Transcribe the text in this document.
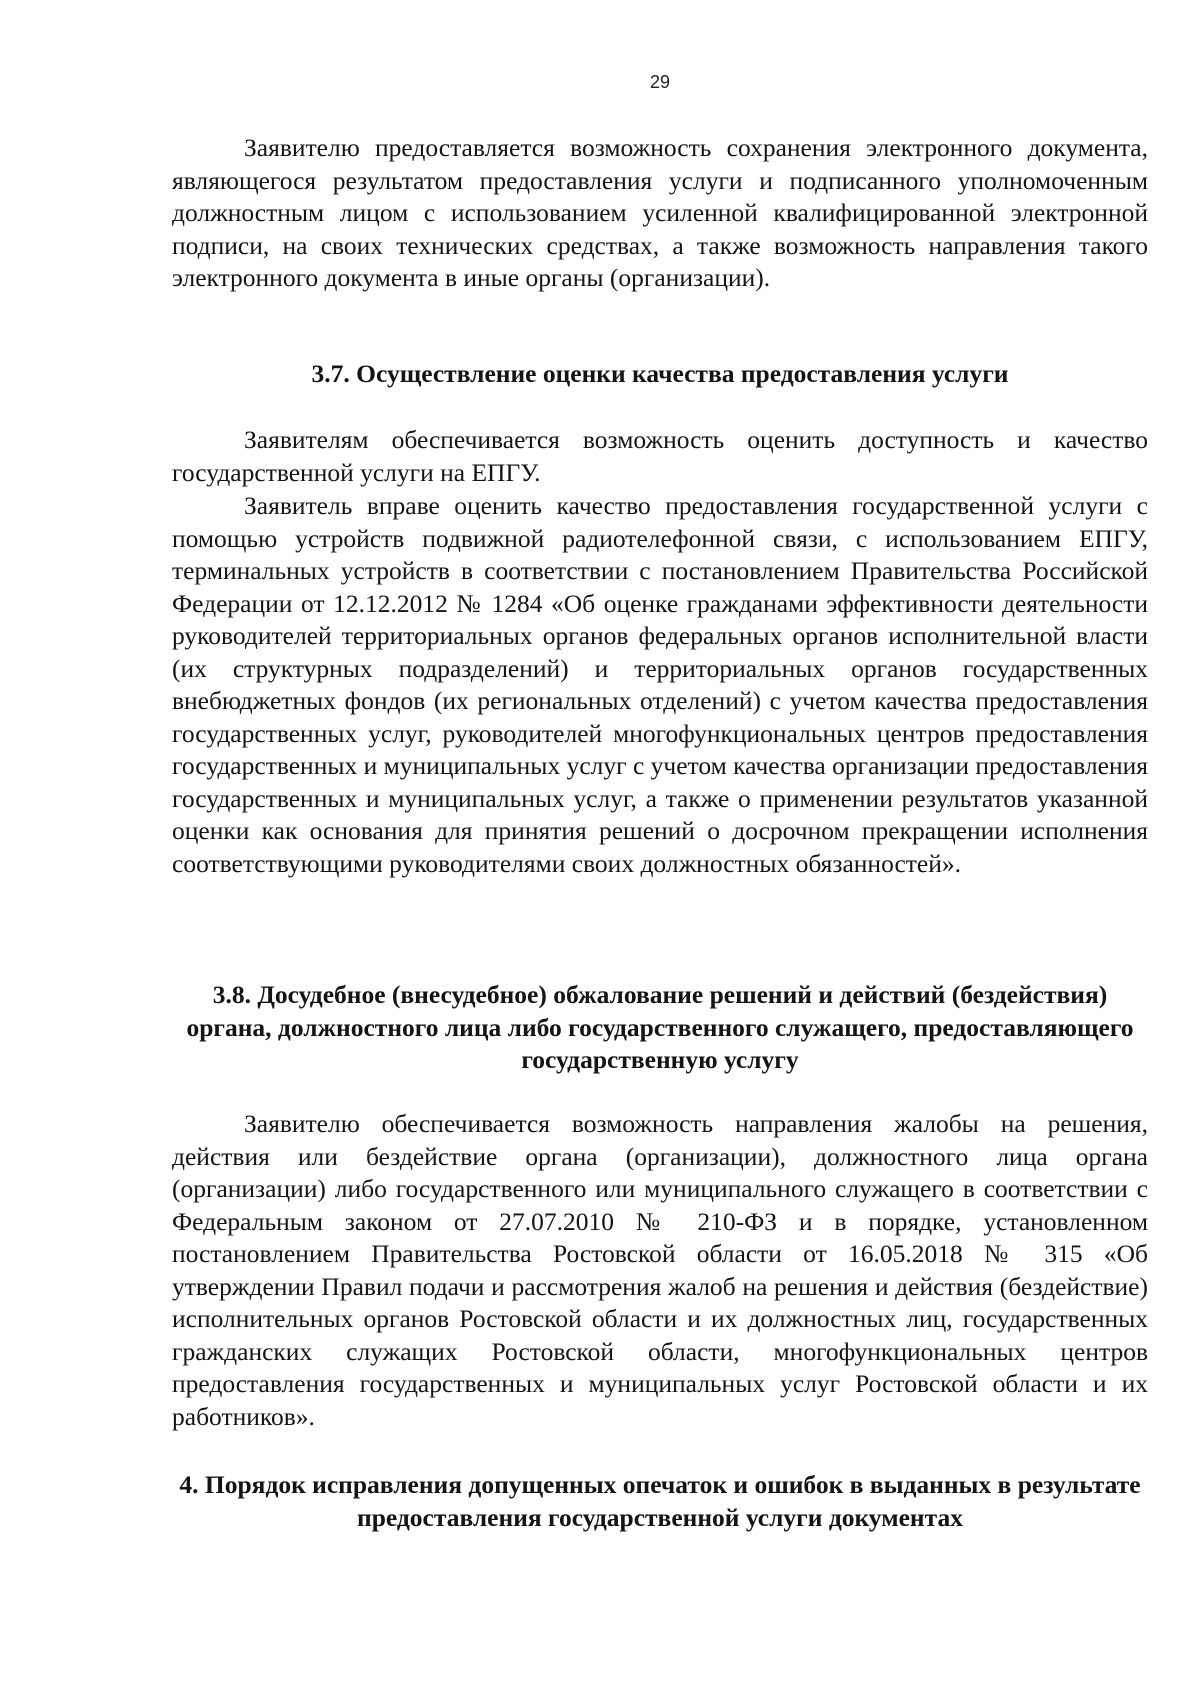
29

Заявителю предоставляется возможность сохранения электронного документа, являющегося результатом предоставления услуги и подписанного уполномоченным должностным лицом с использованием усиленной квалифицированной электронной подписи, на своих технических средствах, а также возможность направления такого электронного документа в иные органы (организации).

3.7. Осуществление оценки качества предоставления услуги

Заявителям обеспечивается возможность оценить доступность и качество государственной услуги на ЕПГУ.

Заявитель вправе оценить качество предоставления государственной услуги с помощью устройств подвижной радиотелефонной связи, с использованием ЕПГУ, терминальных устройств в соответствии с постановлением Правительства Российской Федерации от 12.12.2012 № 1284 «Об оценке гражданами эффективности деятельности руководителей территориальных органов федеральных органов исполнительной власти (их структурных подразделений) и территориальных органов государственных внебюджетных фондов (их региональных отделений) с учетом качества предоставления государственных услуг, руководителей многофункциональных центров предоставления государственных и муниципальных услуг с учетом качества организации предоставления государственных и муниципальных услуг, а также о применении результатов указанной оценки как основания для принятия решений о досрочном прекращении исполнения соответствующими руководителями своих должностных обязанностей».

3.8. Досудебное (внесудебное) обжалование решений и действий (бездействия) органа, должностного лица либо государственного служащего, предоставляющего государственную услугу

Заявителю обеспечивается возможность направления жалобы на решения, действия или бездействие органа (организации), должностного лица органа (организации) либо государственного или муниципального служащего в соответствии с Федеральным законом от 27.07.2010 № 210-ФЗ и в порядке, установленном постановлением Правительства Ростовской области от 16.05.2018 № 315 «Об утверждении Правил подачи и рассмотрения жалоб на решения и действия (бездействие) исполнительных органов Ростовской области и их должностных лиц, государственных гражданских служащих Ростовской области, многофункциональных центров предоставления государственных и муниципальных услуг Ростовской области и их работников».

4. Порядок исправления допущенных опечаток и ошибок в выданных в результате предоставления государственной услуги документах
